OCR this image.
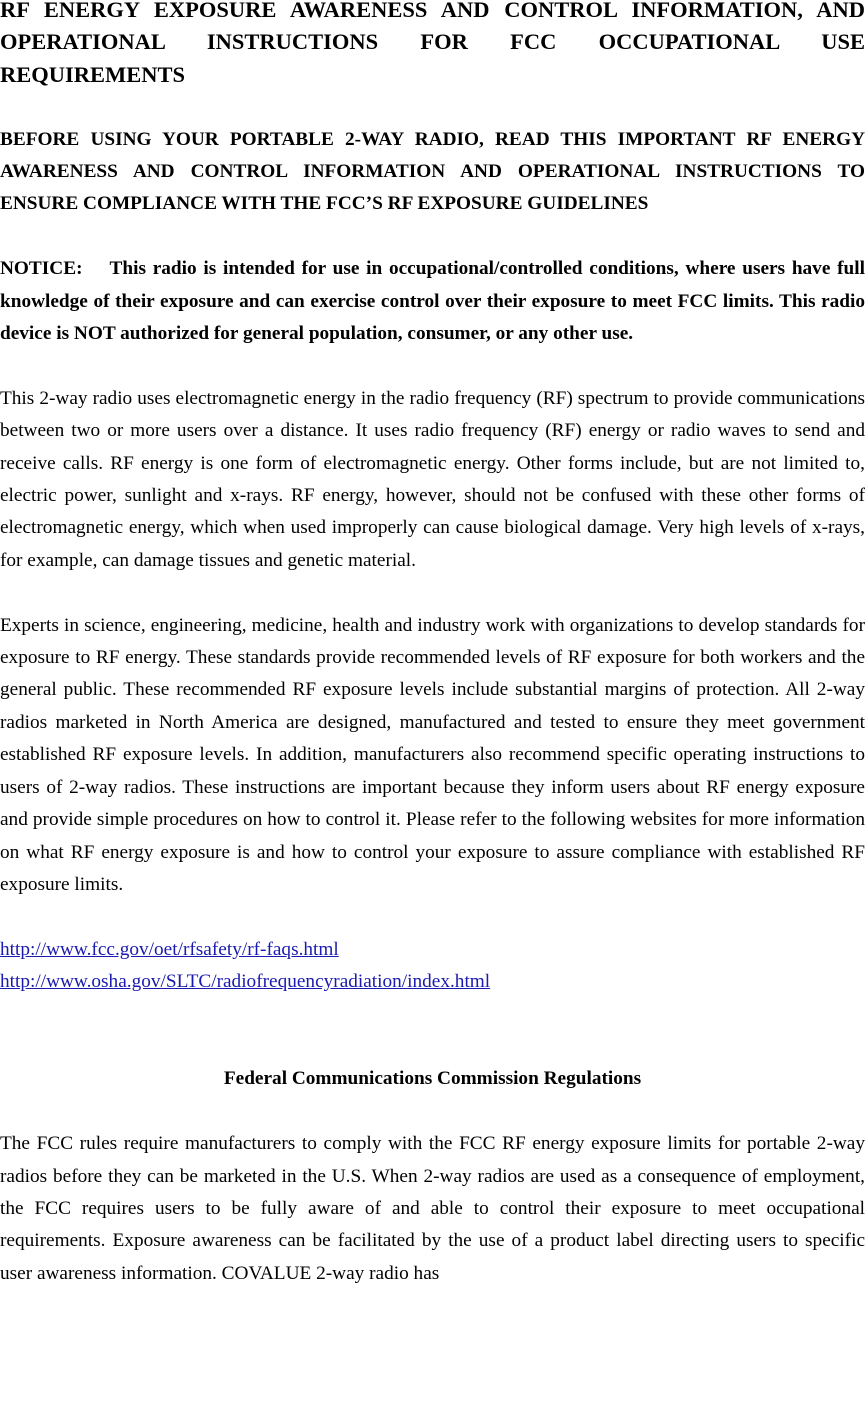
RF ENERGY EXPOSURE AWARENESS AND CONTROL INFORMATION, AND OPERATIONAL INSTRUCTIONS FOR FCC OCCUPATIONAL USE REQUIREMENTS

BEFORE USING YOUR PORTABLE 2-WAY RADIO, READ THIS IMPORTANT RF ENERGY AWARENESS AND CONTROL INFORMATION AND OPERATIONAL INSTRUCTIONS TO ENSURE COMPLIANCE WITH THE FCC’S RF EXPOSURE GUIDELINES

NOTICE: This radio is intended for use in occupational/controlled conditions, where users have full knowledge of their exposure and can exercise control over their exposure to meet FCC limits. This radio device is NOT authorized for general population, consumer, or any other use.

This 2-way radio uses electromagnetic energy in the radio frequency (RF) spectrum to provide communications between two or more users over a distance. It uses radio frequency (RF) energy or radio waves to send and receive calls. RF energy is one form of electromagnetic energy. Other forms include, but are not limited to, electric power, sunlight and x-rays. RF energy, however, should not be confused with these other forms of electromagnetic energy, which when used improperly can cause biological damage. Very high levels of x-rays, for example, can damage tissues and genetic material.

Experts in science, engineering, medicine, health and industry work with organizations to develop standards for exposure to RF energy. These standards provide recommended levels of RF exposure for both workers and the general public. These recommended RF exposure levels include substantial margins of protection. All 2-way radios marketed in North America are designed, manufactured and tested to ensure they meet government established RF exposure levels. In addition, manufacturers also recommend specific operating instructions to users of 2-way radios. These instructions are important because they inform users about RF energy exposure and provide simple procedures on how to control it. Please refer to the following websites for more information on what RF energy exposure is and how to control your exposure to assure compliance with established RF exposure limits.

http://www.fcc.gov/oet/rfsafety/rf-faqs.html
http://www.osha.gov/SLTC/radiofrequencyradiation/index.html

Federal Communications Commission Regulations

The FCC rules require manufacturers to comply with the FCC RF energy exposure limits for portable 2-way radios before they can be marketed in the U.S. When 2-way radios are used as a consequence of employment, the FCC requires users to be fully aware of and able to control their exposure to meet occupational requirements. Exposure awareness can be facilitated by the use of a product label directing users to specific user awareness information. COVALUE 2-way radio has
